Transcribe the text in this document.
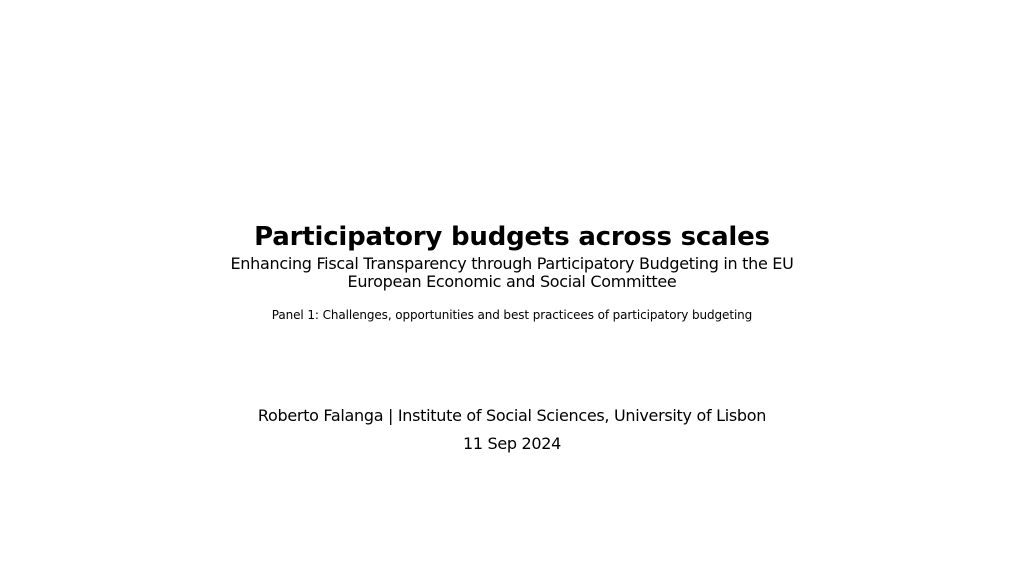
Participatory budgets across scales
Enhancing Fiscal Transparency through Participatory Budgeting in the EU
European Economic and Social Committee
Panel 1: Challenges, opportunities and best practicees of participatory budgeting
Roberto Falanga | Institute of Social Sciences, University of Lisbon
11 Sep 2024
